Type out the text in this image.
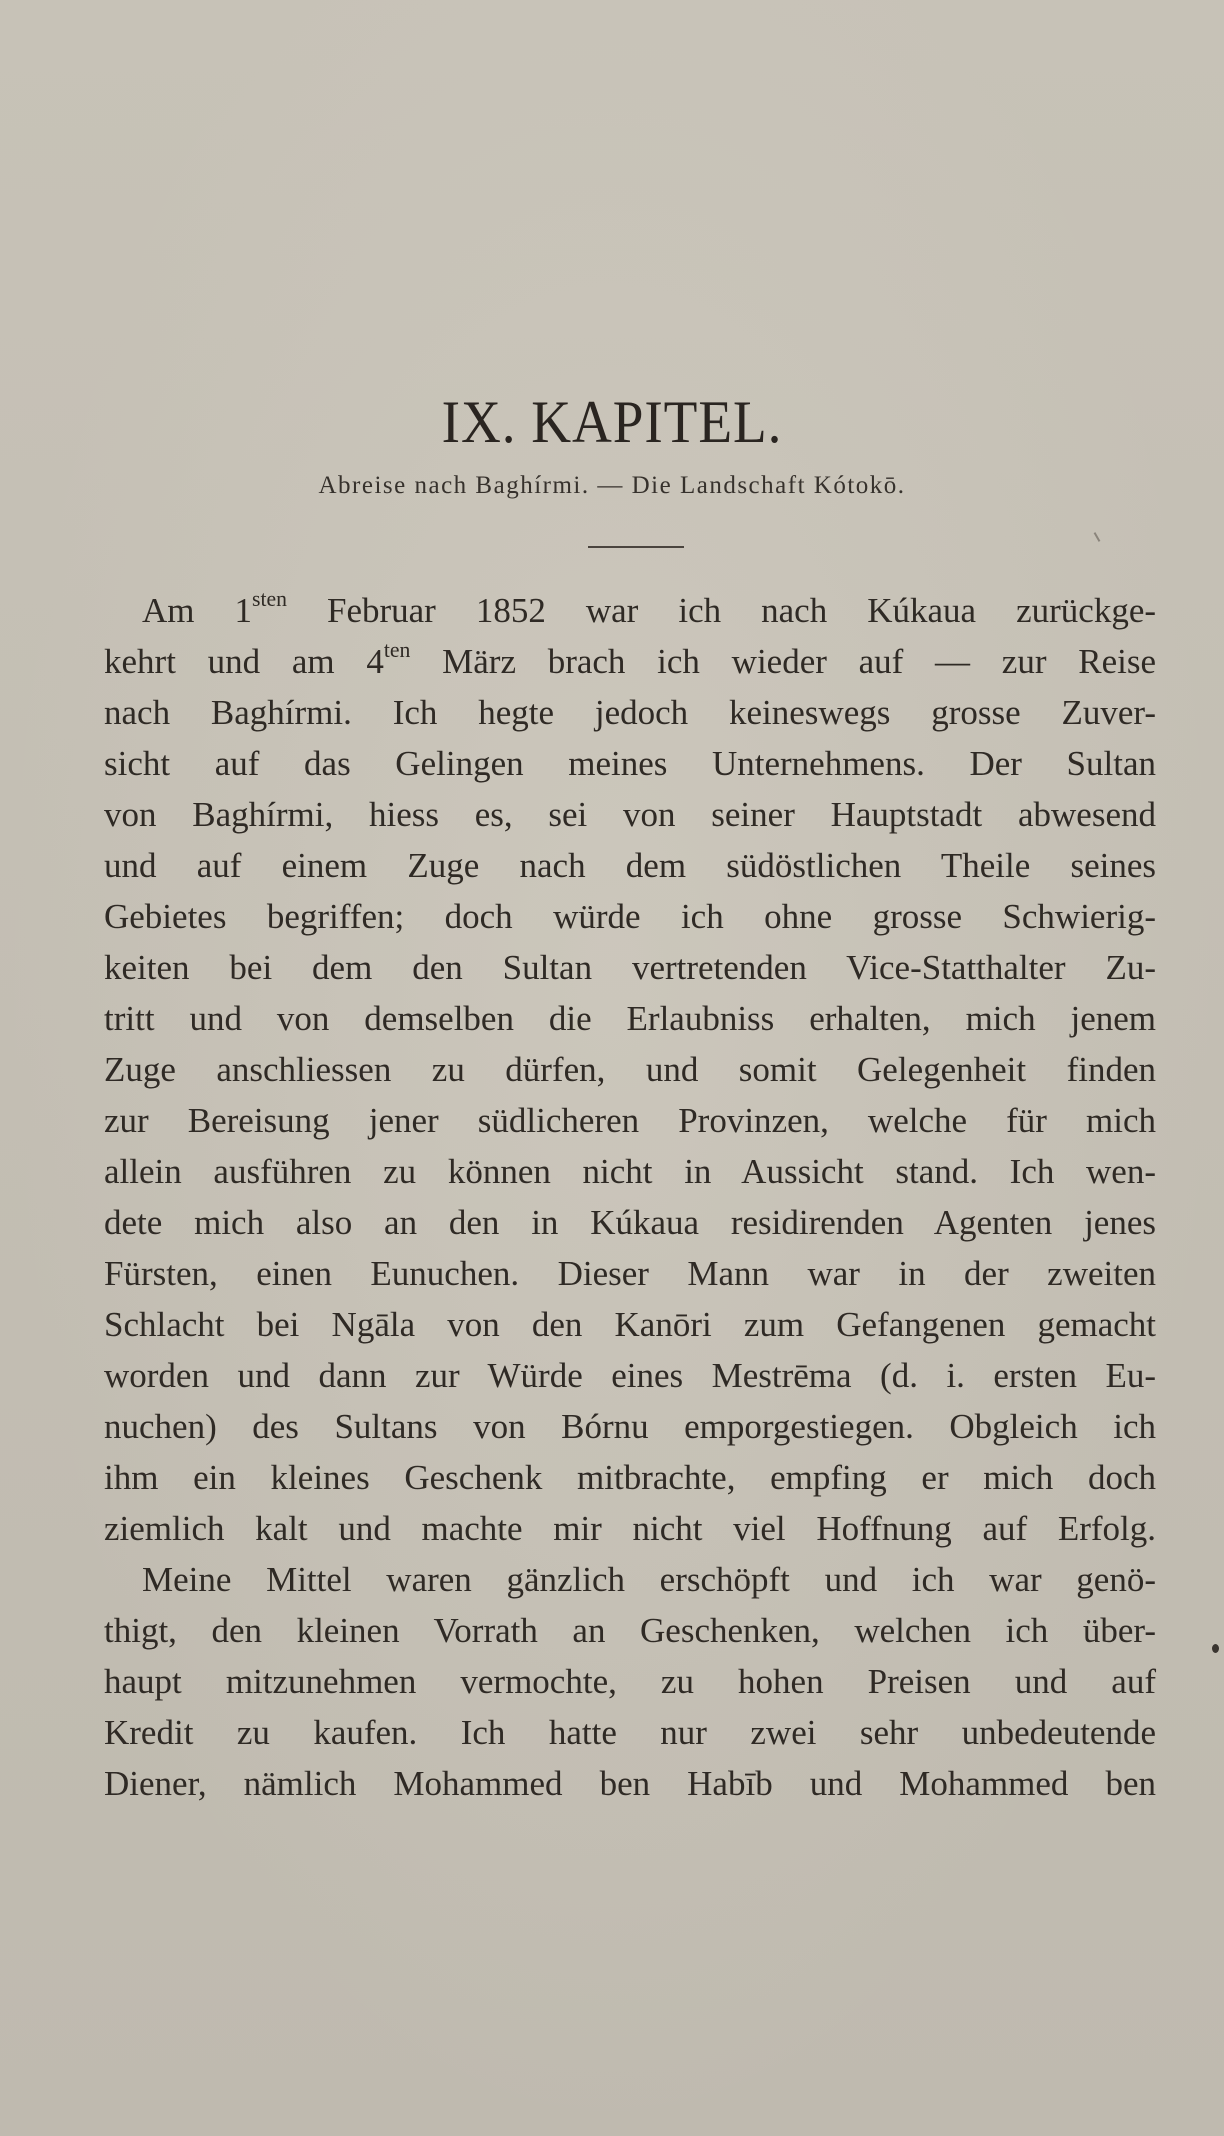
IX. KAPITEL.
Abreise nach Baghírmi. — Die Landschaft Kótokō.
Am $1^{sten}$ Februar 1852 war ich nach Kúkaua zurückge-
kehrt und am $4^{ten}$ März brach ich wieder auf — zur Reise
nach Baghírmi. Ich hegte jedoch keineswegs grosse Zuver-
sicht auf das Gelingen meines Unternehmens. Der Sultan
von Baghírmi, hiess es, sei von seiner Hauptstadt abwesend
und auf einem Zuge nach dem südöstlichen Theile seines
Gebietes begriffen; doch würde ich ohne grosse Schwierig-
keiten bei dem den Sultan vertretenden Vice-Statthalter Zu-
tritt und von demselben die Erlaubniss erhalten, mich jenem
Zuge anschliessen zu dürfen, und somit Gelegenheit finden
zur Bereisung jener südlicheren Provinzen, welche für mich
allein ausführen zu können nicht in Aussicht stand. Ich wen-
dete mich also an den in Kúkaua residirenden Agenten jenes
Fürsten, einen Eunuchen. Dieser Mann war in der zweiten
Schlacht bei Ngāla von den Kanōri zum Gefangenen gemacht
worden und dann zur Würde eines Mestrēma (d. i. ersten Eu-
nuchen) des Sultans von Bórnu emporgestiegen. Obgleich ich
ihm ein kleines Geschenk mitbrachte, empfing er mich doch
ziemlich kalt und machte mir nicht viel Hoffnung auf Erfolg.
Meine Mittel waren gänzlich erschöpft und ich war genö-
thigt, den kleinen Vorrath an Geschenken, welchen ich über-
haupt mitzunehmen vermochte, zu hohen Preisen und auf
Kredit zu kaufen. Ich hatte nur zwei sehr unbedeutende
Diener, nämlich Mohammed ben Habīb und Mohammed ben
